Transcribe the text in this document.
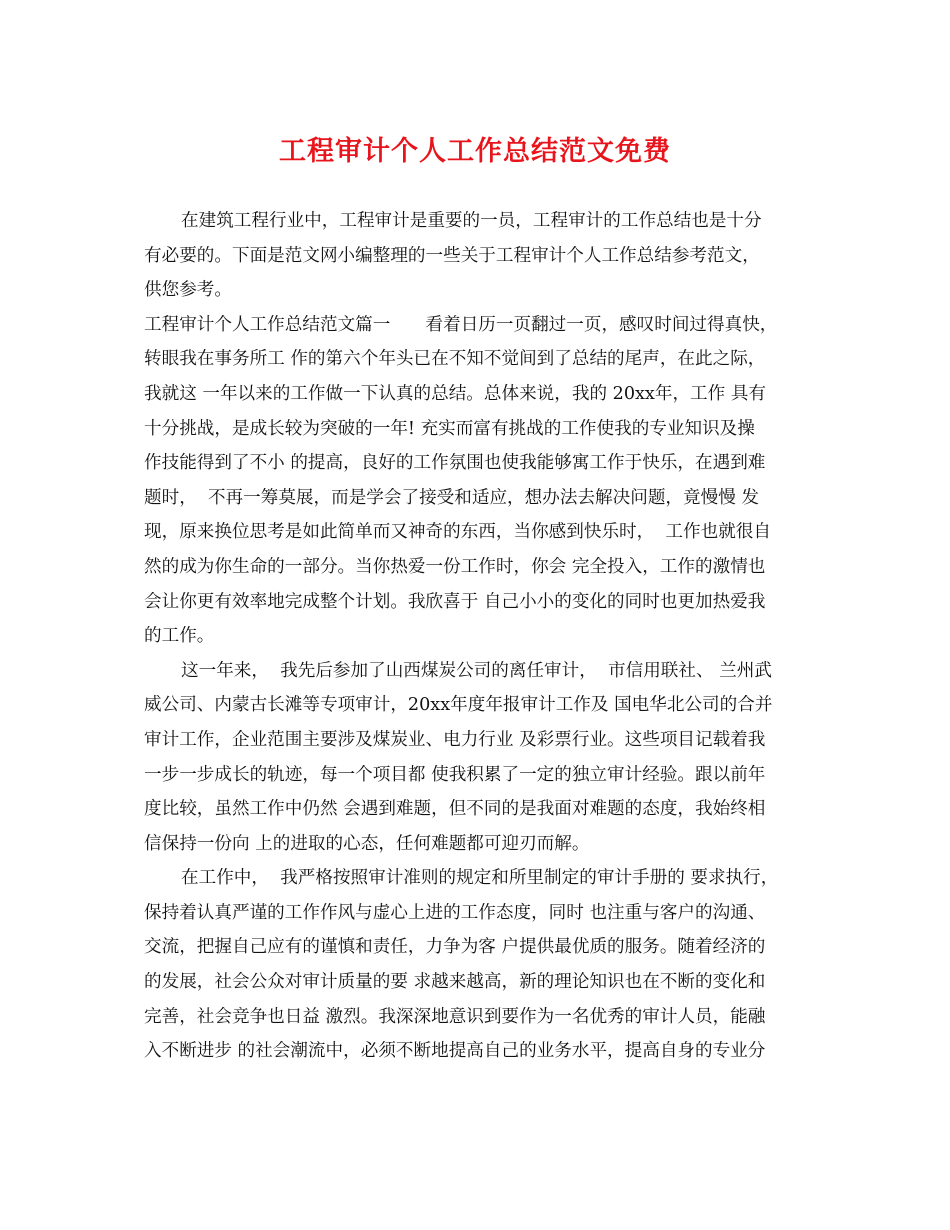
工程审计个人工作总结范文免费
在建筑工程行业中，工程审计是重要的一员，工程审计的工作总结也是十分
有必要的。下面是范文网小编整理的一些关于工程审计个人工作总结参考范文，
供您参考。
工程审计个人工作总结范文篇一　　看着日历一页翻过一页，感叹时间过得真快，
转眼我在事务所工 作的第六个年头已在不知不觉间到了总结的尾声，在此之际，
我就这 一年以来的工作做一下认真的总结。总体来说，我的 20xx年，工作 具有
十分挑战，是成长较为突破的一年! 充实而富有挑战的工作使我的专业知识及操
作技能得到了不小 的提高，良好的工作氛围也使我能够寓工作于快乐，在遇到难
题时，  不再一筹莫展，而是学会了接受和适应，想办法去解决问题，竟慢慢 发
现，原来换位思考是如此简单而又神奇的东西，当你感到快乐时，  工作也就很自
然的成为你生命的一部分。当你热爱一份工作时，你会 完全投入，工作的激情也
会让你更有效率地完成整个计划。我欣喜于 自己小小的变化的同时也更加热爱我
的工作。
这一年来，  我先后参加了山西煤炭公司的离任审计，  市信用联社、 兰州武
威公司、内蒙古长滩等专项审计，20xx年度年报审计工作及 国电华北公司的合并
审计工作，企业范围主要涉及煤炭业、电力行业 及彩票行业。这些项目记载着我
一步一步成长的轨迹，每一个项目都 使我积累了一定的独立审计经验。跟以前年
度比较，虽然工作中仍然 会遇到难题，但不同的是我面对难题的态度，我始终相
信保持一份向 上的进取的心态，任何难题都可迎刃而解。
在工作中，  我严格按照审计准则的规定和所里制定的审计手册的 要求执行，
保持着认真严谨的工作作风与虚心上进的工作态度，同时 也注重与客户的沟通、
交流，把握自己应有的谨慎和责任，力争为客 户提供最优质的服务。随着经济的
的发展，社会公众对审计质量的要 求越来越高，新的理论知识也在不断的变化和
完善，社会竞争也日益 激烈。我深深地意识到要作为一名优秀的审计人员，能融
入不断进步 的社会潮流中，必须不断地提高自己的业务水平，提高自身的专业分
